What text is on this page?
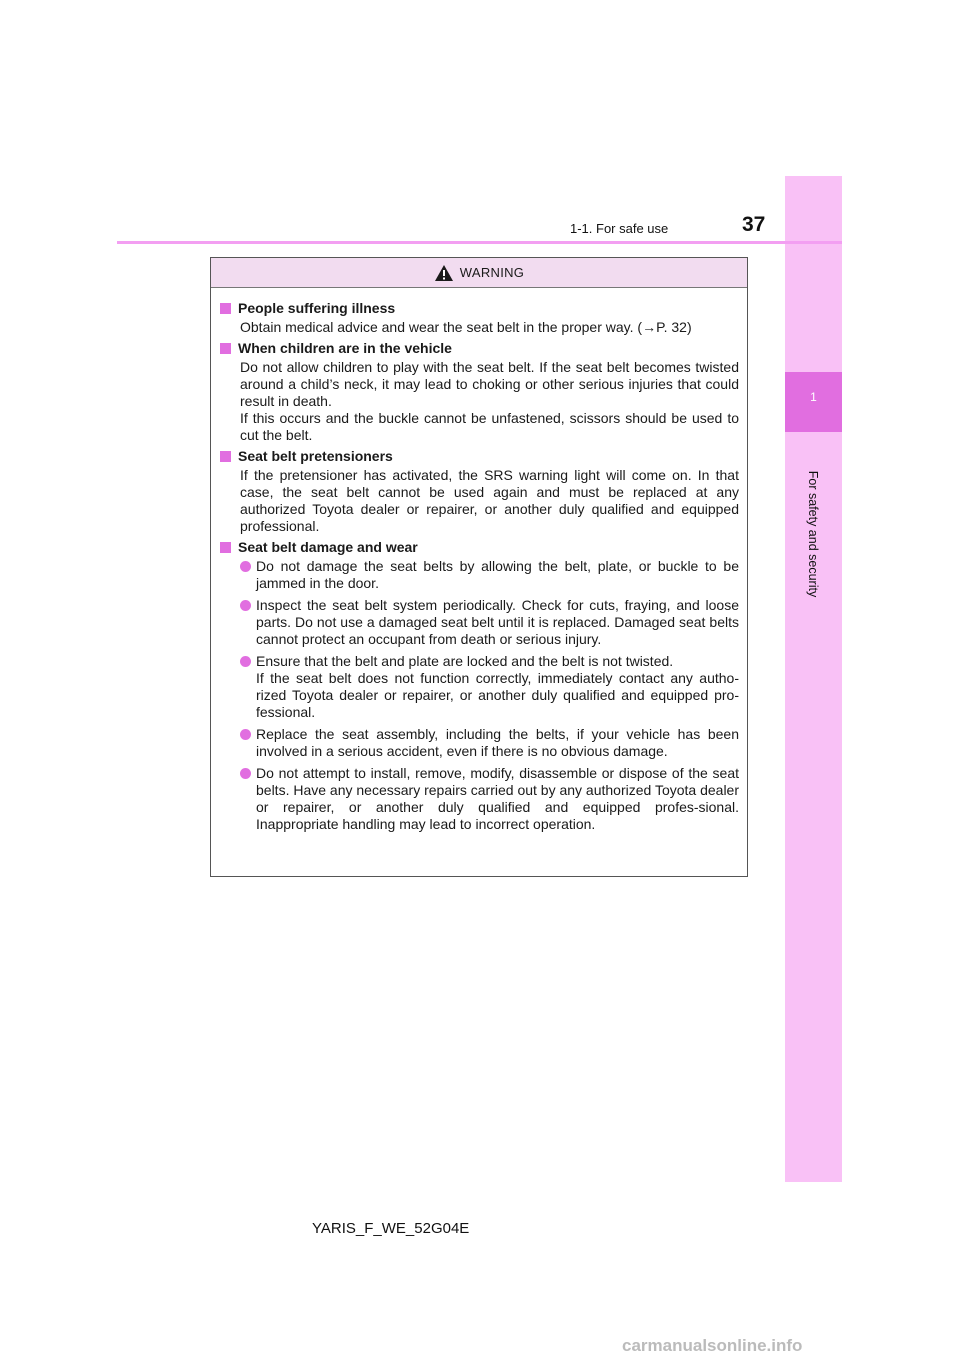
1
For safety and security
1-1. For safe use	37
WARNING
People suffering illness
Obtain medical advice and wear the seat belt in the proper way. (→P. 32)
When children are in the vehicle
Do not allow children to play with the seat belt. If the seat belt becomes twisted around a child’s neck, it may lead to choking or other serious injuries that could result in death.
If this occurs and the buckle cannot be unfastened, scissors should be used to cut the belt.
Seat belt pretensioners
If the pretensioner has activated, the SRS warning light will come on. In that case, the seat belt cannot be used again and must be replaced at any authorized Toyota dealer or repairer, or another duly qualified and equipped professional.
Seat belt damage and wear
Do not damage the seat belts by allowing the belt, plate, or buckle to be jammed in the door.
Inspect the seat belt system periodically. Check for cuts, fraying, and loose parts. Do not use a damaged seat belt until it is replaced. Damaged seat belts cannot protect an occupant from death or serious injury.
Ensure that the belt and plate are locked and the belt is not twisted.
If the seat belt does not function correctly, immediately contact any autho-rized Toyota dealer or repairer, or another duly qualified and equipped pro-fessional.
Replace the seat assembly, including the belts, if your vehicle has been involved in a serious accident, even if there is no obvious damage.
Do not attempt to install, remove, modify, disassemble or dispose of the seat belts. Have any necessary repairs carried out by any authorized Toyota dealer or repairer, or another duly qualified and equipped profes-sional. Inappropriate handling may lead to incorrect operation.
YARIS_F_WE_52G04E
carmanualsonline.info
